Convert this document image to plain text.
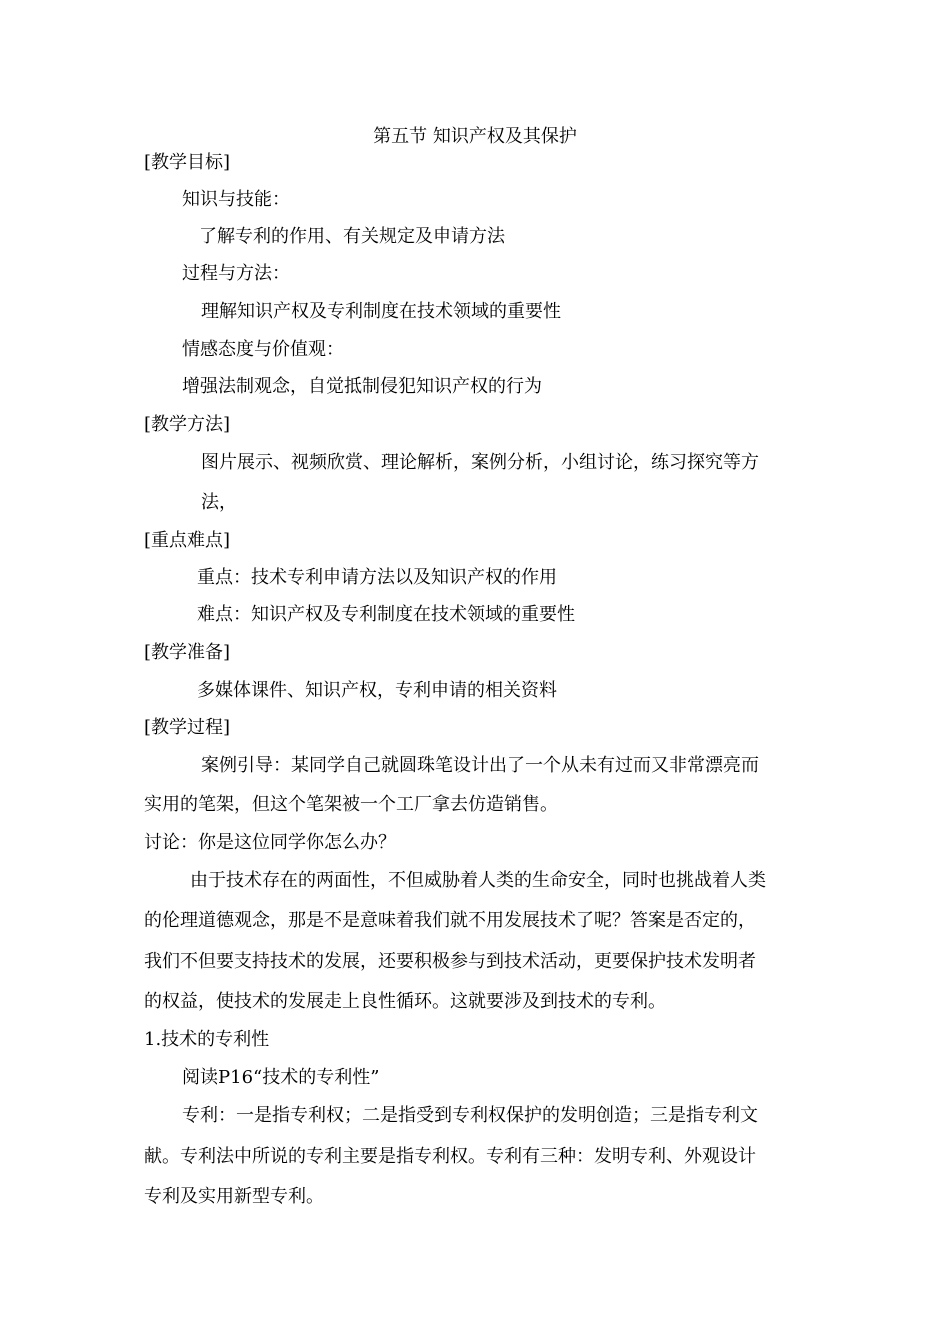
第五节 知识产权及其保护
[教学目标]
知识与技能：
了解专利的作用、有关规定及申请方法
过程与方法：
理解知识产权及专利制度在技术领域的重要性
情感态度与价值观：
增强法制观念，自觉抵制侵犯知识产权的行为
[教学方法]
图片展示、视频欣赏、理论解析，案例分析，小组讨论，练习探究等方
法，
[重点难点]
重点：技术专利申请方法以及知识产权的作用
难点：知识产权及专利制度在技术领域的重要性
[教学准备]
多媒体课件、知识产权，专利申请的相关资料
[教学过程]
案例引导：某同学自己就圆珠笔设计出了一个从未有过而又非常漂亮而
实用的笔架，但这个笔架被一个工厂拿去仿造销售。
讨论：你是这位同学你怎么办？
由于技术存在的两面性，不但威胁着人类的生命安全，同时也挑战着人类
的伦理道德观念，那是不是意味着我们就不用发展技术了呢？答案是否定的，
我们不但要支持技术的发展，还要积极参与到技术活动，更要保护技术发明者
的权益，使技术的发展走上良性循环。这就要涉及到技术的专利。
1.技术的专利性
阅读P16“技术的专利性”
专利：一是指专利权；二是指受到专利权保护的发明创造；三是指专利文
献。专利法中所说的专利主要是指专利权。专利有三种：发明专利、外观设计
专利及实用新型专利。
